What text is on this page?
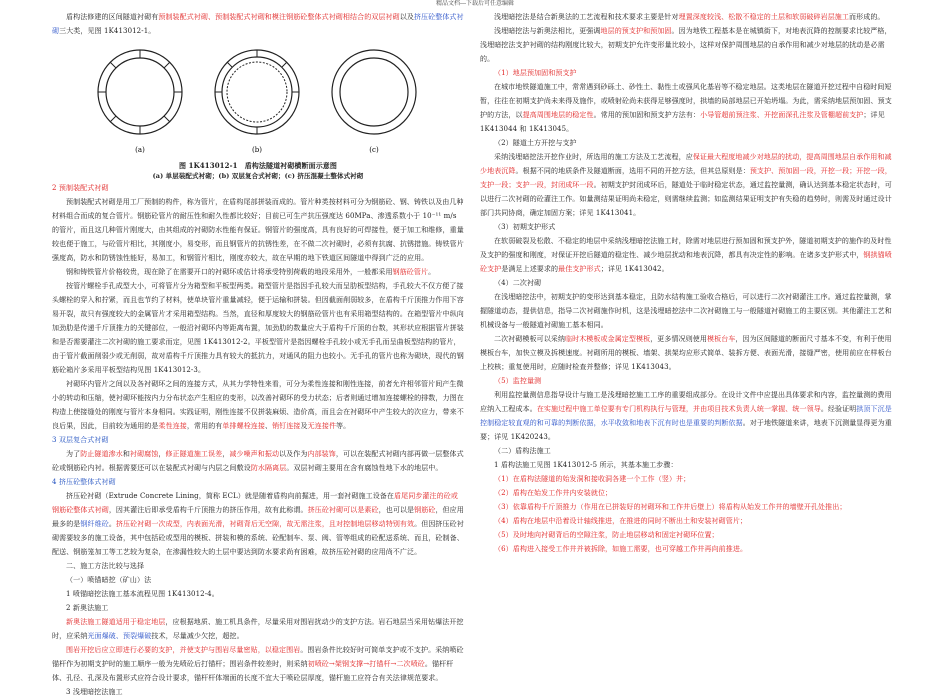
精品文档---下载后可任意编辑

盾构法修建的区间隧道衬砌有预制装配式衬砌、预制装配式衬砌和模注钢筋砼整体式衬砌相结合的双层衬砌以及挤压砼整体式衬砌三大类，见图 1K413012-1。

(a)	(b)	(c)

图 1K413012-1　盾构法隧道衬砌横断面示意图

(a) 单层装配式衬砌；(b) 双层复合式衬砌；(c) 挤压混凝土整体式衬砌

2 预制装配式衬砌

预制装配式衬砌是用工厂预制的构件，称为管片，在盾构尾部拼装而成的。管片种类按材料可分为钢筋砼、钢、铸铁以及由几种材料组合而成的复合管片。钢筋砼管片的耐压性和耐久性都比较好；目前已可生产抗压强度达 60MPa、渗透系数小于 10⁻¹¹ m/s 的管片，而且这几种管片刚度大，由其组成的衬砌防水性能有保证。钢管片的强度高，具有良好的可焊接性，便于加工和维修，重量较也便于施工，与砼管片相比，其刚度小，易变形，而且钢管片的抗锈性差，在不做二次衬砌时，必须有抗腐、抗锈措施。铸铁管片强度高，防水和防锈蚀性能好，易加工，和钢管片相比，刚度亦较大，故在早期的地下铁道区间隧道中得到广泛的应用。

钢和铸铁管片价格较贵，现在除了在需要开口的衬砌环或估计将承受特别荷载的地段采用外，一般都采用钢筋砼管片。

按管片螺栓手孔成型大小，可将管片分为箱型和平板型两类。箱型管片是指因手孔较大而呈肋板型结构，手孔较大不仅方便了接头螺栓的穿入和拧紧，而且也节约了材料，使单块管片重量减轻，便于运输和拼装。但因截面削弱较多，在盾构千斤顶推力作用下容易开裂，故只有强度较大的金属管片才采用箱型结构。当然，直径和厚度较大的钢筋砼管片也有采用箱型结构的。在箱型管片中纵向加劲肋是传递千斤顶推力的关键部位，一般沿衬砌环内等距离布置，加劲肋的数量应大于盾构千斤顶的台数，其形状应根据管片拼装和是否需要灌注二次衬砌的施工要求而定，见图 1K413012-2。平板型管片是指因螺栓手孔较小或无手孔而呈曲板型结构的管片，由于管片截面削弱少或无削弱，故对盾构千斤顶推力具有较大的抵抗力，对通风的阻力也较小。无手孔的管片也称为砌块，现代的钢筋砼箱片多采用平板型结构见图 1K413012-3。

衬砌环内管片之间以及各衬砌环之间的连接方式，从其力学特性来看，可分为柔性连接和刚性连接，前者允许相邻管片间产生微小的转动和压缩，使衬砌环能按内力分布状态产生相应的变形，以改善衬砌环的受力状态；后者则通过增加连接螺栓的排数，力图在构造上使接缝处的刚度与管片本身相同。实践证明，刚性连接不仅拼装麻烦、造价高，而且会在衬砌环中产生较大的次应力，带来不良后果，因此，目前较为通用的是柔性连接，常用的有单排螺栓连接、销钉连接及无连接件等。

3 双层复合式衬砌

为了防止隧道渗水和衬砌腐蚀，修正隧道施工误差，减少噪声和振动以及作为内部装饰，可以在装配式衬砌内部再做一层整体式砼或钢筋砼内衬。根据需要还可以在装配式衬砌与内层之间敷设防水隔离层。双层衬砌主要用在含有腐蚀性地下水的地层中。

4 挤压砼整体式衬砌

挤压砼衬砌（Extrude Concrete Lining，简称 ECL）就是随着盾构向前掘进，用一套衬砌施工设备在盾尾同步灌注的砼或钢筋砼整体式衬砌，因其灌注后即承受盾构千斤顶推力的挤压作用，故有此称谓。挤压砼衬砌可以是素砼，也可以是钢筋砼，但应用最多的是钢纤维砼。挤压砼衬砌一次成型，内表面光滑，衬砌背后无空隙，故无需注浆，且对控制地层移动特别有效。但因挤压砼衬砌需要较多的施工设备，其中包括砼或型用的模板、拼装和模的系统、砼配制车、泵、阀、管等组成的砼配送系统、而且，砼制备、配送、钢筋笼加工等工艺较为复杂，在渗漏性较大的土层中要达到防水要求尚有困难，故挤压砼衬砌的应用尚不广泛。

二、施工方法比较与选择

（一）喷锚暗挖（矿山）法

1 喷锚暗挖法施工基本流程见图 1K413012-4。

2 新奥法施工

新奥法施工隧道适用于稳定地层，应根据地质、施工机具条件，尽量采用对围岩扰动少的支护方法。岩石地层当采用钻爆法开挖时，应采纳光面爆破、预裂爆破技术，尽量减少欠挖，超挖。

围岩开挖后应立即进行必要的支护，并使支护与围岩尽量密贴，以稳定围岩。围岩条件比较好时可简单支护或不支护。采纳喷砼锚杆作为初期支护时的施工顺序一般为先喷砼后打锚杆；围岩条件较差时，则采纳初喷砼→架钢支撑→打锚杆→二次喷砼。锚杆杆体、孔径、孔深及布置形式应符合设计要求，锚杆杆体端面的长度不宜大于喷砼层厚度，锚杆施工应符合有关法律规范要求。

3 浅埋暗挖法施工

浅埋暗挖法是结合新奥法的工艺流程和技术要求主要是针对埋置深度较浅、松散不稳定的土层和软弱破碎岩层施工而形成的。

浅埋暗挖法与新奥法相比，更强调地层的预支护和预加固。因为地铁工程基本是在城镇街下，对地表沉降的控制要求比较严格，浅埋暗挖法支护衬砌的结构刚度比较大，初期支护允许变形量比较小，这样对保护周围地层的自承作用和减少对地层的扰动是必需的。

（1）地层预加固和预支护

在城市地铁隧道施工中，常常遇到砂砾土、砂性土、黏性土或强风化基岩等不稳定地层。这类地层在隧道开挖过程中自稳时间短暂，往往在初期支护尚未来得及施作，或喷射砼尚未获得足够强度时，拱墙的局部地层已开始坍塌。为此，需采纳地层预加固、预支护的方法，以提高周围地层的稳定性。常用的预加固和预支护方法有：小导管超前预注浆、开挖面深孔注浆及管棚超前支护；详见 1K413044 和 1K413045。

（2）隧道土方开挖与支护

采纳浅埋暗挖法开挖作业时，所选用的施工方法及工艺流程，应保证最大程度地减少对地层的扰动，提高周围地层自承作用和减少地表沉降。根据不同的地质条件及隧道断面，选用不同的开挖方法，但其总原则是：预支护、预加固一段，开挖一段；开挖一段，支护一段；支护一段，封闭成环一段。初期支护封闭成环后，隧道处于临时稳定状态，通过监控量测，确认达到基本稳定状态时，可以进行二次衬砌的砼灌注工作。如量测结果证明尚未稳定，则需继续监测；如监测结果证明支护有失稳的趋势时，则需及时通过设计部门共同协商，确定加固方案；详见 1K413041。

（3）初期支护形式

在软弱破裂及松散、不稳定的地层中采纳浅埋暗挖法施工时，除需对地层进行预加固和预支护外，隧道初期支护的施作的及时性及支护的强度和刚度，对保证开挖后隧道的稳定性、减少地层扰动和地表沉降，都具有决定性的影响。在诸多支护形式中，钢拱锚喷砼支护是满足上述要求的最佳支护形式；详见 1K413042。

（4）二次衬砌

在浅埋暗挖法中，初期支护的变形达到基本稳定，且防水结构施工验收合格后，可以进行二次衬砌灌注工序。通过监控量测，掌握隧道动态，提供信息，指导二次衬砌施作时机，这是浅埋暗挖法中二次衬砌施工与一般隧道衬砌施工的主要区别。其他灌注工艺和机械设备与一般隧道衬砌施工基本相同。

二次衬砌模板可以采纳临时木模板或金属定型模板，更多情况则使用模板台车，因为区间隧道的断面尺寸基本不变，有利于使用模板台车，加快立模及拆模速度。衬砌所用的模板、墙架、拱架均应形式简单、装拆方便、表面光滑，接缝严密，使用前应在样板台上校核；重复使用时，应随时检查并整修；详见 1K413043。

（5）监控量测

利用监控量测信息指导设计与施工是浅埋暗挖施工工序的重要组成部分。在设计文件中应提出具体要求和内容，监控量测的费用应纳入工程成本。在实施过程中施工单位要有专门机构执行与管理，并由项目技术负责人统一掌握、统一领导。经验证明拱顶下沉是控制稳定较直观的和可靠的判断依据，水平收敛和地表下沉有时也是重要的判断依据。对于地铁隧道来讲，地表下沉测量显得更为重要；详见 1K420243。

（二）盾构法施工

1 盾构法施工见图 1K413012-5 所示，其基本施工步骤：

（1）在盾构法隧道的始发洞和接收洞各建一个工作（竖）井；

（2）盾构在始发工作井内安装就位；

（3）依靠盾构千斤顶推力（作用在已拼装好的衬砌环和工作井后壁上）将盾构从始发工作井的墙壁开孔处推出；

（4）盾构在地层中沿着设计轴线推进，在推进的同时不断出土和安装衬砌管片；

（5）及时地向衬砌背后的空隙注浆，防止地层移动和固定衬砌环位置；

（6）盾构进入接受工作井并被拆除，如施工需要，也可穿越工作井再向前推进。
